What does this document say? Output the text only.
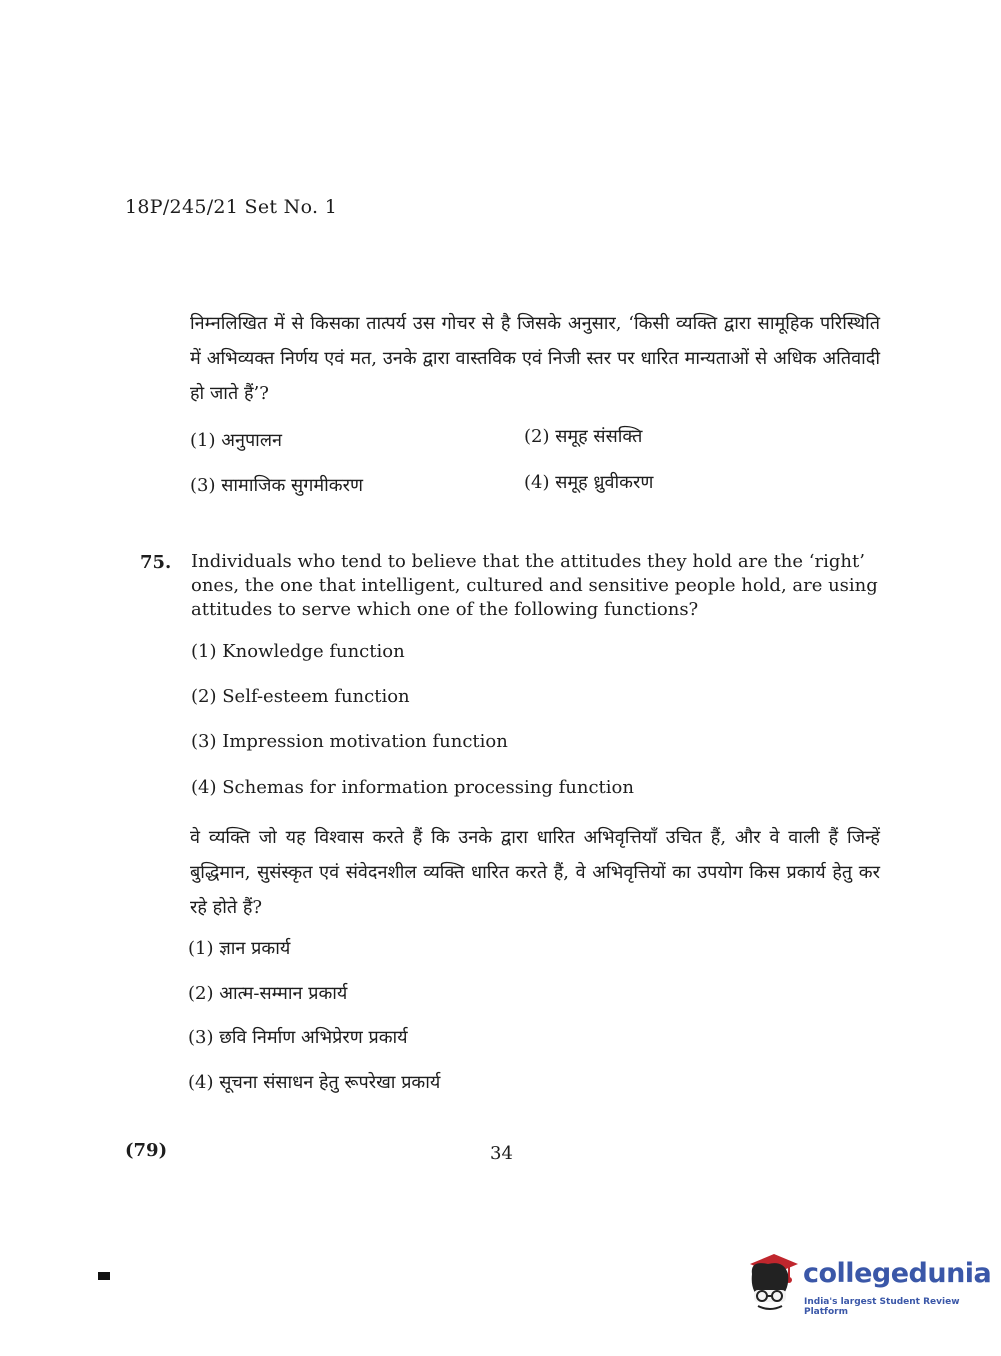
18P/245/21 Set No. 1
निम्नलिखित में से किसका तात्पर्य उस गोचर से है जिसके अनुसार, ‘किसी व्यक्ति द्वारा सामूहिक परिस्थिति में अभिव्यक्त निर्णय एवं मत, उनके द्वारा वास्तविक एवं निजी स्तर पर धारित मान्यताओं से अधिक अतिवादी हो जाते हैं’?
(1) अनुपालन	(2) समूह संसक्ति
(3) सामाजिक सुगमीकरण	(4) समूह ध्रुवीकरण
75. Individuals who tend to believe that the attitudes they hold are the ‘right’ ones, the one that intelligent, cultured and sensitive people hold, are using attitudes to serve which one of the following functions?
(1) Knowledge function
(2) Self-esteem function
(3) Impression motivation function
(4) Schemas for information processing function
वे व्यक्ति जो यह विश्वास करते हैं कि उनके द्वारा धारित अभिवृत्तियाँ उचित हैं, और वे वाली हैं जिन्हें बुद्धिमान, सुसंस्कृत एवं संवेदनशील व्यक्ति धारित करते हैं, वे अभिवृत्तियों का उपयोग किस प्रकार्य हेतु कर रहे होते हैं?
(1) ज्ञान प्रकार्य
(2) आत्म-सम्मान प्रकार्य
(3) छवि निर्माण अभिप्रेरण प्रकार्य
(4) सूचना संसाधन हेतु रूपरेखा प्रकार्य
(79)	34
collegedunia
India's largest Student Review Platform
